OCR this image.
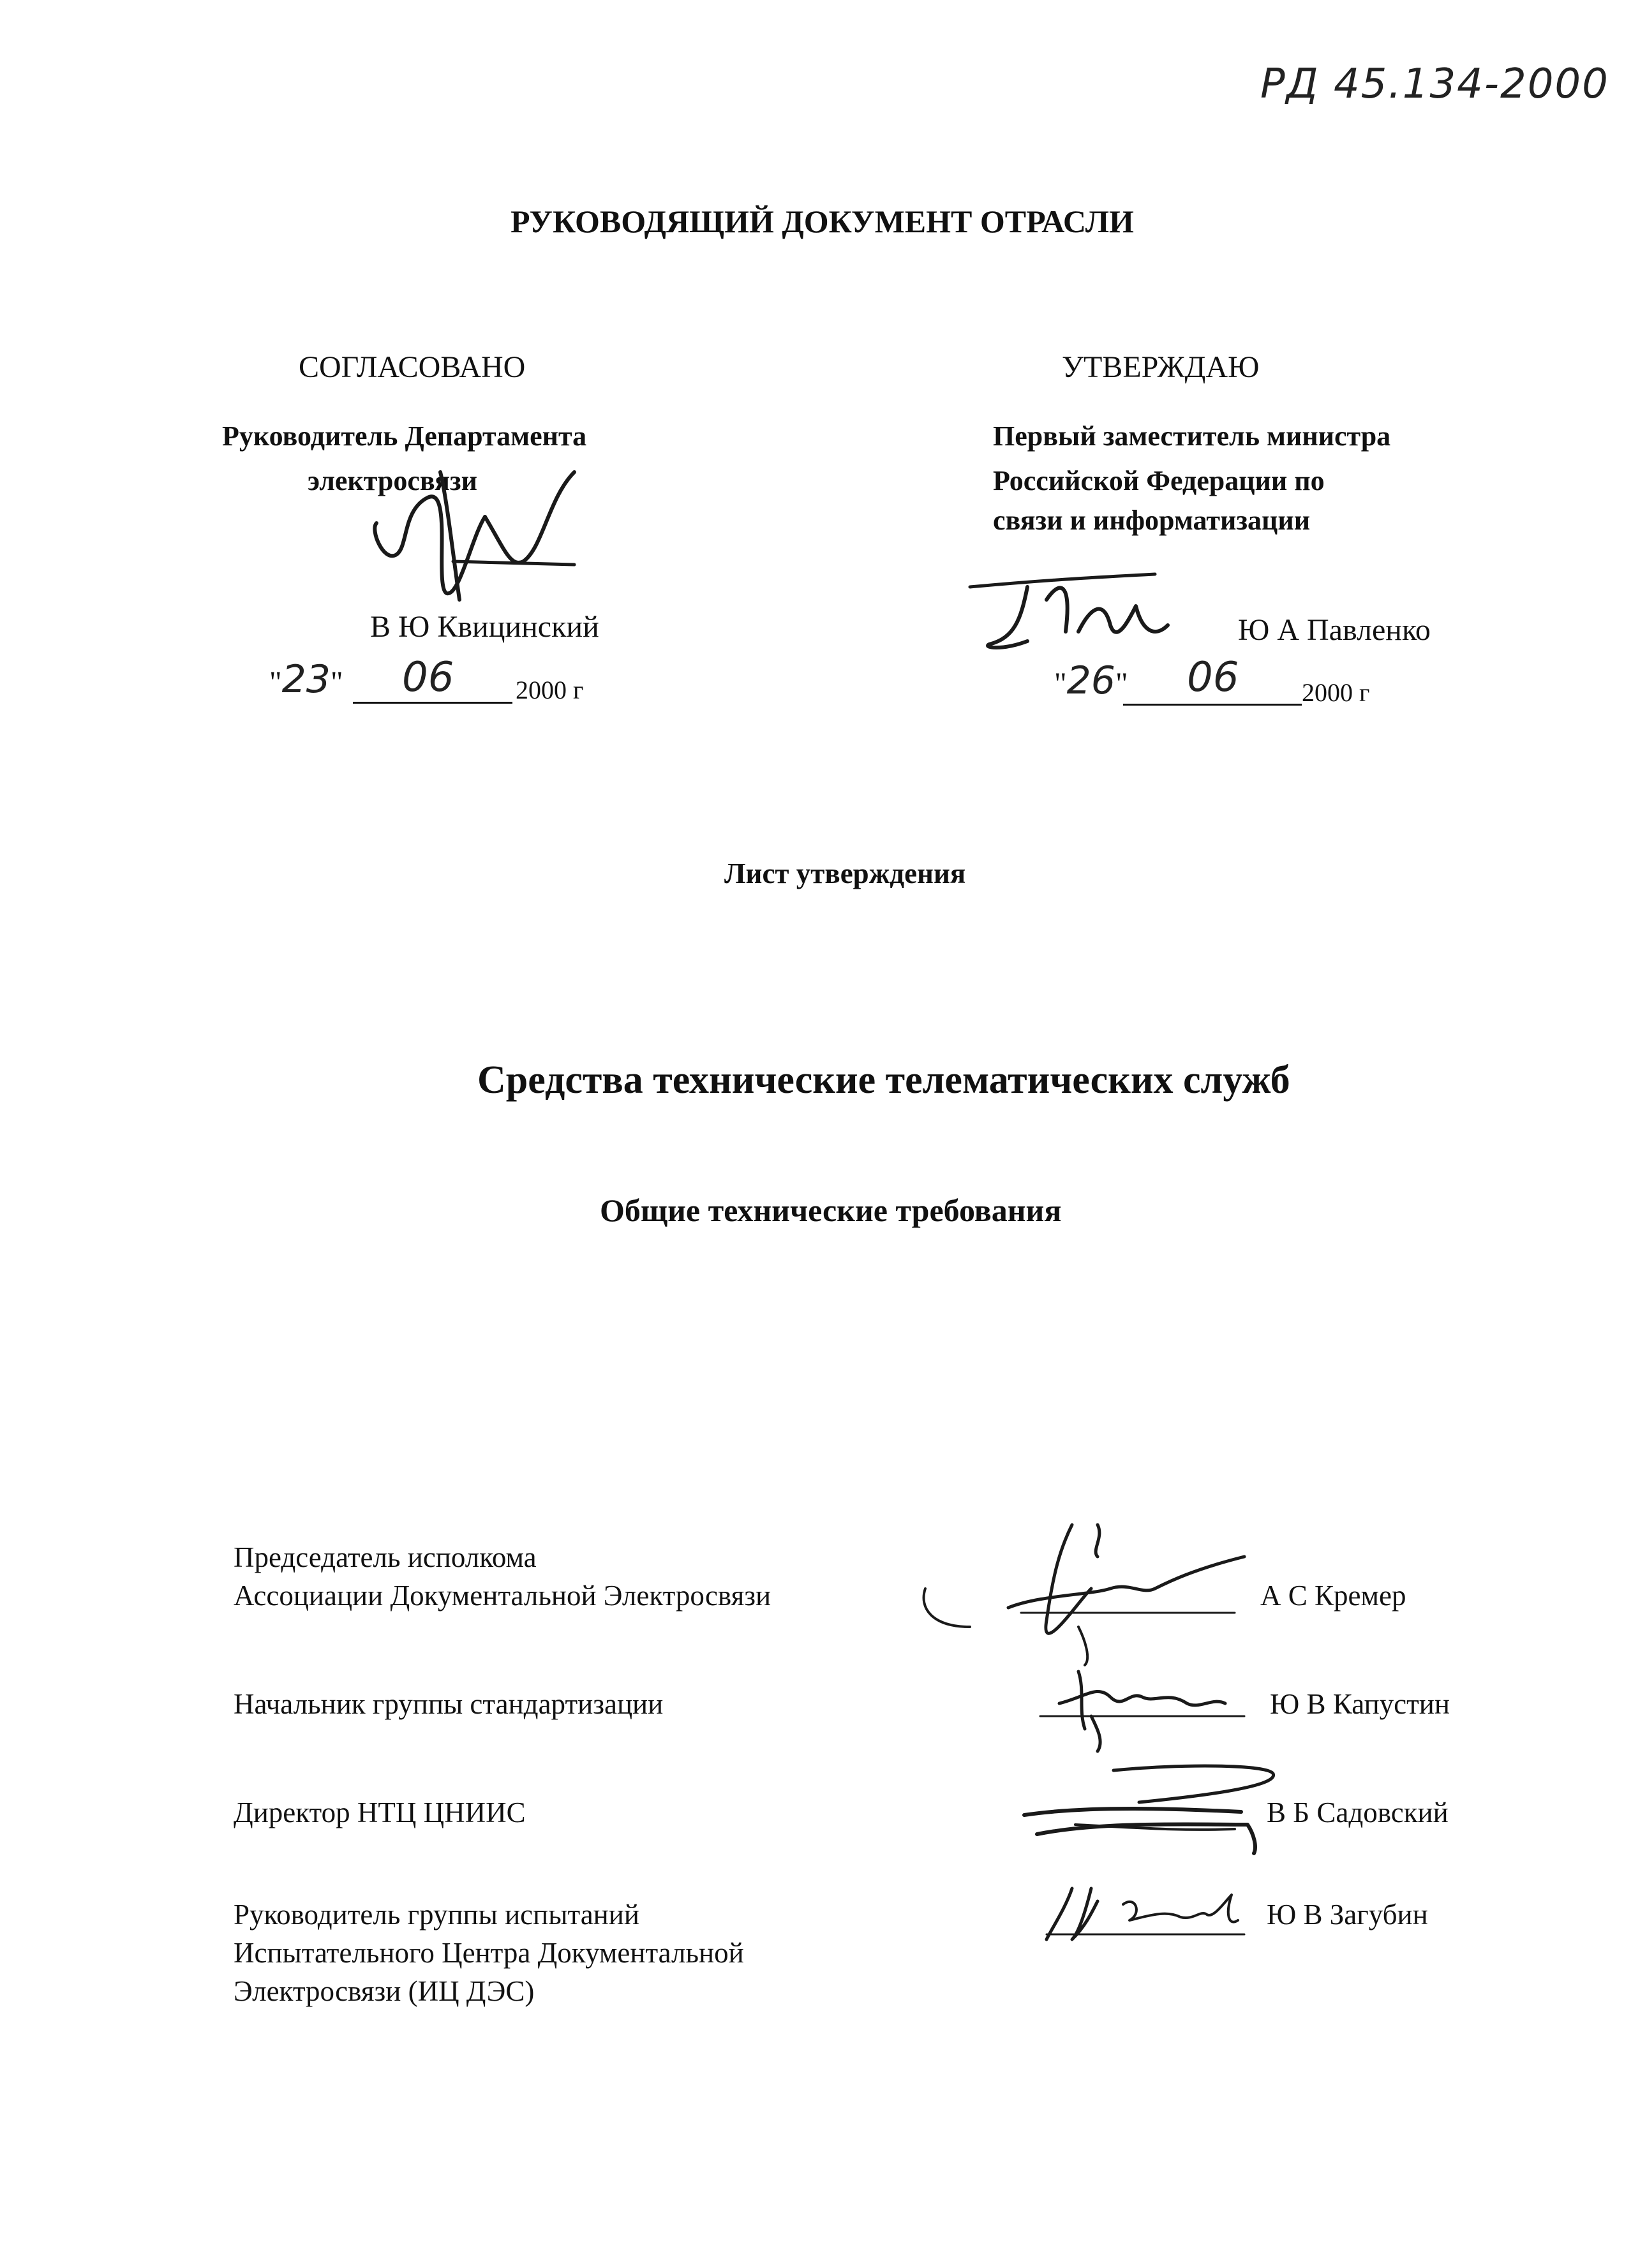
РД 45.134-2000
РУКОВОДЯЩИЙ ДОКУМЕНТ ОТРАСЛИ
СОГЛАСОВАНО
Руководитель Департамента
электросвязи
В Ю Квицинский
"23" 06 2000 г
УТВЕРЖДАЮ
Первый заместитель министра
Российской Федерации по
связи и информатизации
Ю А Павленко
"26" 06 2000 г
Лист утверждения
Средства технические телематических служб
Общие технические требования
Председатель исполкома
Ассоциации Документальной Электросвязи	А С Кремер
Начальник группы стандартизации	Ю В Капустин
Директор НТЦ ЦНИИС	В Б Садовский
Руководитель группы испытаний
Испытательного Центра Документальной
Электросвязи (ИЦ ДЭС)
Ю В Загубин
